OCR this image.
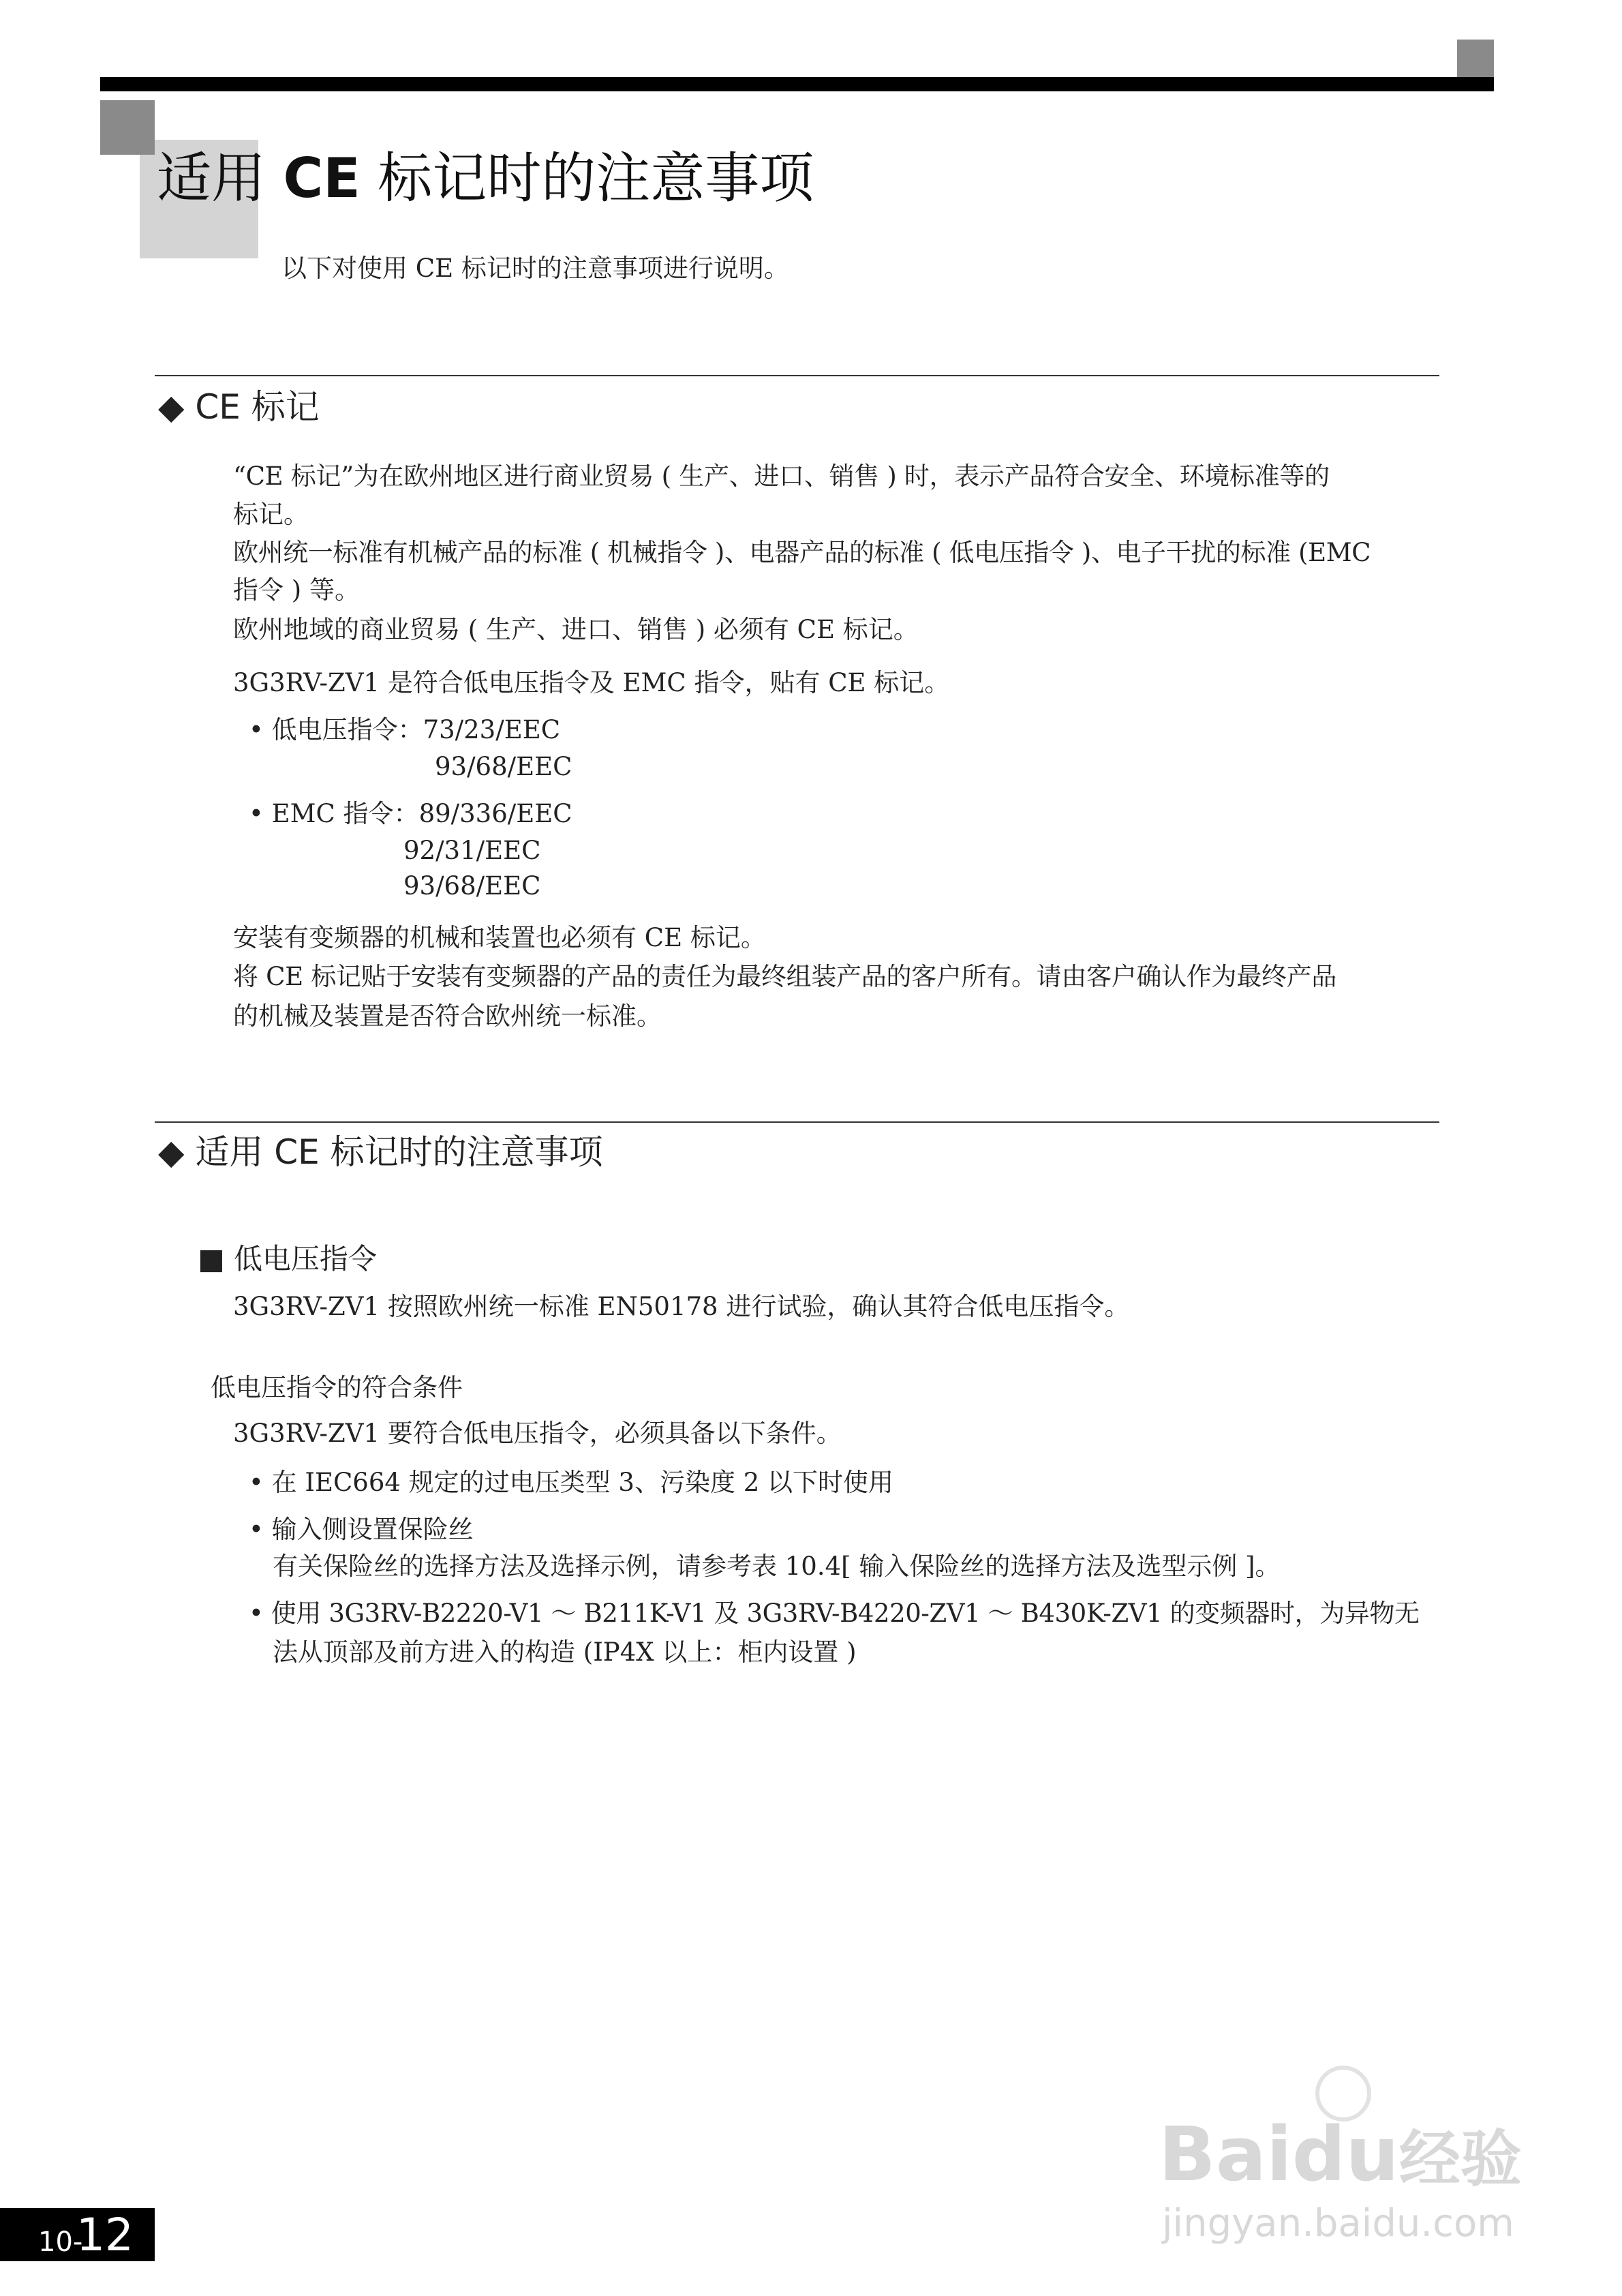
适用 CE 标记时的注意事项
以下对使用 CE 标记时的注意事项进行说明。
◆ CE 标记
“CE 标记”为在欧州地区进行商业贸易 ( 生产、进口、销售 ) 时，表示产品符合安全、环境标准等的
标记。
欧州统一标准有机械产品的标准 ( 机械指令 )、电器产品的标准 ( 低电压指令 )、电子干扰的标准 (EMC
指令 ) 等。
欧州地域的商业贸易 ( 生产、进口、销售 ) 必须有 CE 标记。
3G3RV-ZV1 是符合低电压指令及 EMC 指令，贴有 CE 标记。
• 低电压指令：73/23/EEC
93/68/EEC
• EMC 指令：89/336/EEC
92/31/EEC
93/68/EEC
安装有变频器的机械和装置也必须有 CE 标记。
将 CE 标记贴于安装有变频器的产品的责任为最终组装产品的客户所有。请由客户确认作为最终产品
的机械及装置是否符合欧州统一标准。
◆ 适用 CE 标记时的注意事项
■ 低电压指令
3G3RV-ZV1 按照欧州统一标准 EN50178 进行试验，确认其符合低电压指令。
低电压指令的符合条件
3G3RV-ZV1 要符合低电压指令，必须具备以下条件。
• 在 IEC664 规定的过电压类型 3、污染度 2 以下时使用
• 输入侧设置保险丝
有关保险丝的选择方法及选择示例，请参考表 10.4[ 输入保险丝的选择方法及选型示例 ]。
• 使用 3G3RV-B2220-V1 ～ B211K-V1 及 3G3RV-B4220-ZV1 ～ B430K-ZV1 的变频器时，为异物无
法从顶部及前方进入的构造 (IP4X 以上：柜内设置 )
10-
12
Baidu经验
jingyan.baidu.com
